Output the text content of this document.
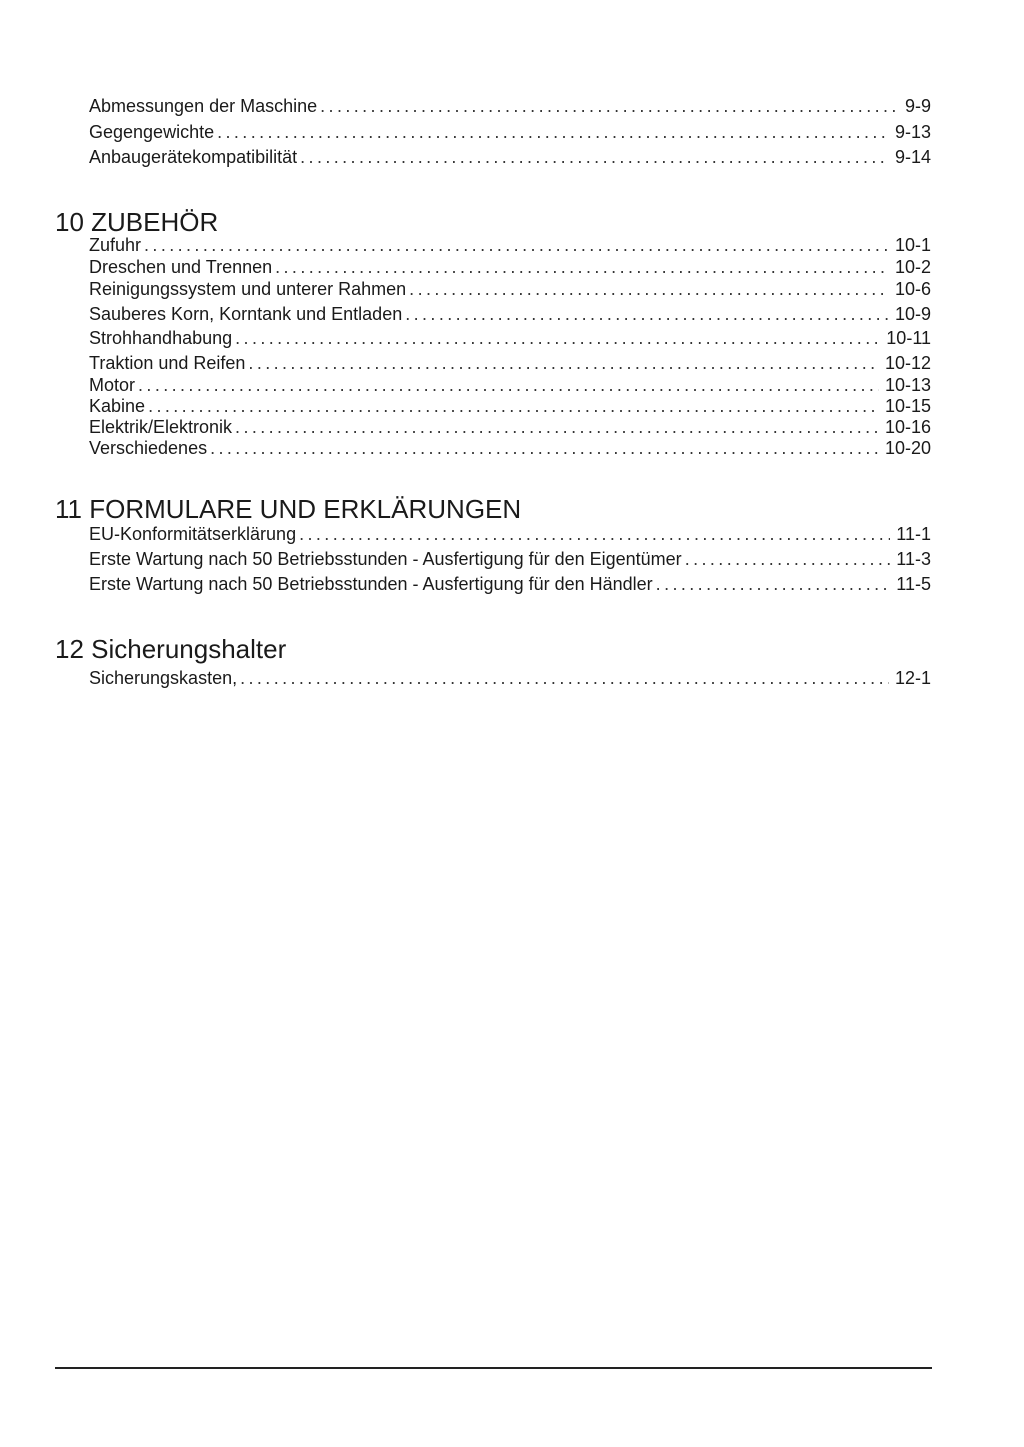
Abmessungen der Maschine .....	9-9
Gegengewichte .....	9-13
Anbaugerätekompatibilität .....	9-14
10 ZUBEHÖR
Zufuhr .....	10-1
Dreschen und Trennen .....	10-2
Reinigungssystem und unterer Rahmen .....	10-6
Sauberes Korn, Korntank und Entladen .....	10-9
Strohhandhabung .....	10-11
Traktion und Reifen .....	10-12
Motor .....	10-13
Kabine .....	10-15
Elektrik/Elektronik .....	10-16
Verschiedenes .....	10-20
11 FORMULARE UND ERKLÄRUNGEN
EU-Konformitätserklärung .....	11-1
Erste Wartung nach 50 Betriebsstunden - Ausfertigung für den Eigentümer .....	11-3
Erste Wartung nach 50 Betriebsstunden - Ausfertigung für den Händler .....	11-5
12 Sicherungshalter
Sicherungskasten, .....	12-1
